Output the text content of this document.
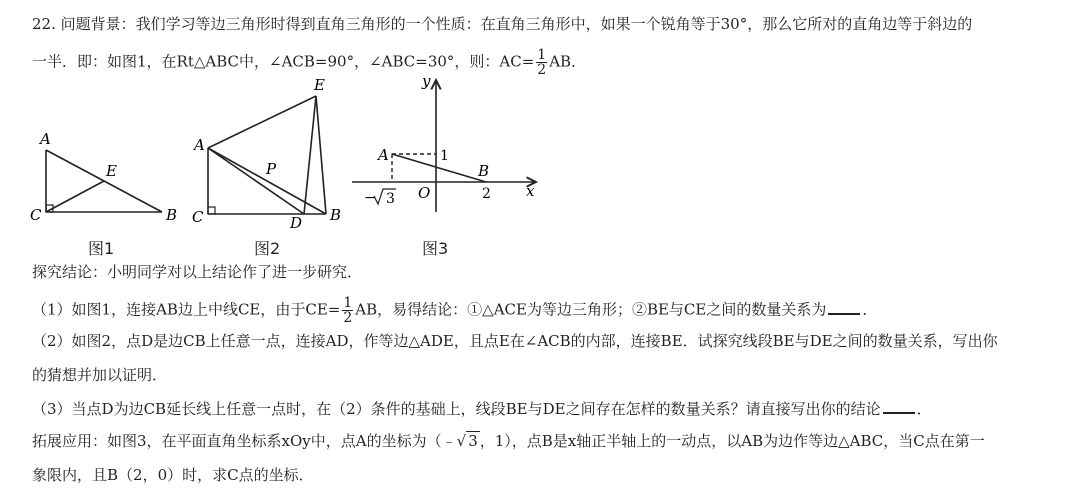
22. 问题背景：我们学习等边三角形时得到直角三角形的一个性质：在直角三角形中，如果一个锐角等于30°，那么它所对的直角边等于斜边的
一半．即：如图1，在Rt△ABC中，∠ACB=90°，∠ABC=30°，则：$AC= \frac{1}{2}$ AB．
A
C	B
E
图1
A
E
P
C	D B
图2
y
x
A
B
O
1
2
− 3
图3
探究结论：小明同学对以上结论作了进一步研究．
（1）如图1，连接AB边上中线CE，由于$CE= \frac{1}{2}$ AB，易得结论：①△ACE为等边三角形；②BE与CE之间的数量关系为 ．
（2）如图2，点D是边CB上任意一点，连接AD，作等边△ADE，且点E在∠ACB的内部，连接BE．试探究线段BE与DE之间的数量关系，写出你
的猜想并加以证明．
（3）当点D为边CB延长线上任意一点时，在（2）条件的基础上，线段BE与DE之间存在怎样的数量关系？请直接写出你的结论 ．
拓展应用：如图3，在平面直角坐标系xOy中，点A的坐标为（﹣√ 3 ，1），点B是x轴正半轴上的一动点，以AB为边作等边△ABC，当C点在第一
象限内，且B（2，0）时，求C点的坐标．
